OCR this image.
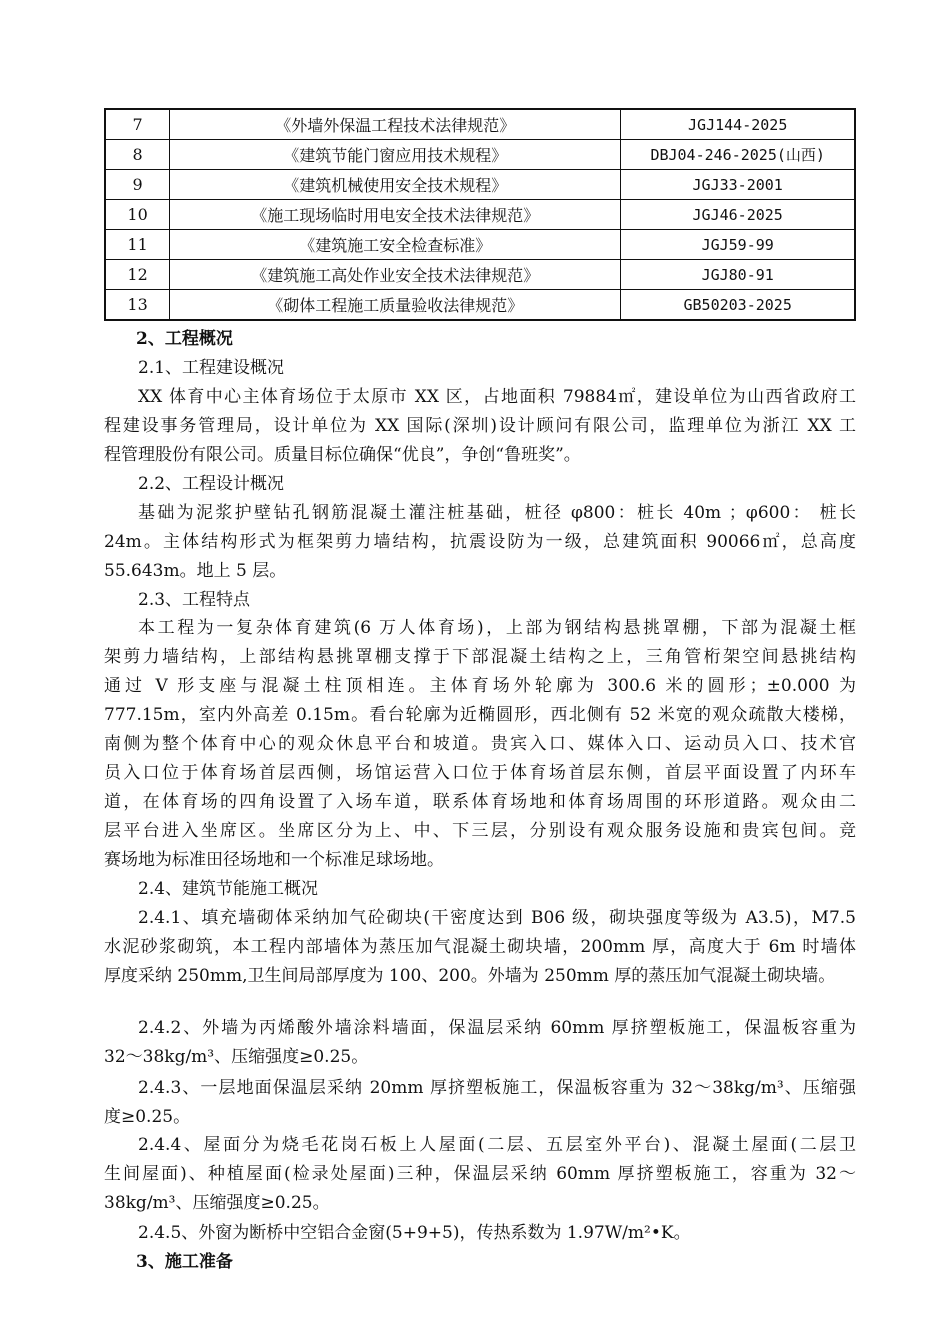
7	《外墙外保温工程技术法律规范》	JGJ144-2025
8	《建筑节能门窗应用技术规程》	DBJ04-246-2025(山西)
9	《建筑机械使用安全技术规程》	JGJ33-2001
10	《施工现场临时用电安全技术法律规范》	JGJ46-2025
11	《建筑施工安全检查标准》	JGJ59-99
12	《建筑施工高处作业安全技术法律规范》	JGJ80-91
13	《砌体工程施工质量验收法律规范》	GB50203-2025
2、工程概况
2.1、工程建设概况
XX 体育中心主体育场位于太原市 XX 区，占地面积 79884㎡，建设单位为山西省政府工
程建设事务管理局，设计单位为 XX 国际(深圳)设计顾问有限公司，监理单位为浙江 XX 工
程管理股份有限公司。质量目标位确保“优良”，争创“鲁班奖”。
2.2、工程设计概况
基础为泥浆护壁钻孔钢筋混凝土灌注桩基础，桩径 φ800：桩长 40m ；φ600： 桩长
24m。主体结构形式为框架剪力墙结构，抗震设防为一级，总建筑面积 90066㎡，总高度
55.643m。地上 5 层。
2.3、工程特点
本工程为一复杂体育建筑(6 万人体育场)，上部为钢结构悬挑罩棚，下部为混凝土框
架剪力墙结构，上部结构悬挑罩棚支撑于下部混凝土结构之上，三角管桁架空间悬挑结构
通过 V 形支座与混凝土柱顶相连。主体育场外轮廓为 300.6 米的圆形；±0.000 为
777.15m，室内外高差 0.15m。看台轮廓为近椭圆形，西北侧有 52 米宽的观众疏散大楼梯，
南侧为整个体育中心的观众休息平台和坡道。贵宾入口、媒体入口、运动员入口、技术官
员入口位于体育场首层西侧，场馆运营入口位于体育场首层东侧，首层平面设置了内环车
道，在体育场的四角设置了入场车道，联系体育场地和体育场周围的环形道路。观众由二
层平台进入坐席区。坐席区分为上、中、下三层，分别设有观众服务设施和贵宾包间。竞
赛场地为标准田径场地和一个标准足球场地。
2.4、建筑节能施工概况
2.4.1、填充墙砌体采纳加气砼砌块(干密度达到 B06 级，砌块强度等级为 A3.5)，M7.5
水泥砂浆砌筑，本工程内部墙体为蒸压加气混凝土砌块墙，200mm 厚，高度大于 6m 时墙体
厚度采纳 250mm,卫生间局部厚度为 100、200。外墙为 250mm 厚的蒸压加气混凝土砌块墙。
2.4.2、外墙为丙烯酸外墙涂料墙面，保温层采纳 60mm 厚挤塑板施工，保温板容重为
32～38kg/m³、压缩强度≥0.25。
2.4.3、一层地面保温层采纳 20mm 厚挤塑板施工，保温板容重为 32～38kg/m³、压缩强
度≥0.25。
2.4.4、屋面分为烧毛花岗石板上人屋面(二层、五层室外平台)、混凝土屋面(二层卫
生间屋面)、种植屋面(检录处屋面)三种，保温层采纳 60mm 厚挤塑板施工，容重为 32～
38kg/m³、压缩强度≥0.25。
2.4.5、外窗为断桥中空铝合金窗(5+9+5)，传热系数为 1.97W/m²•K。
3、施工准备
